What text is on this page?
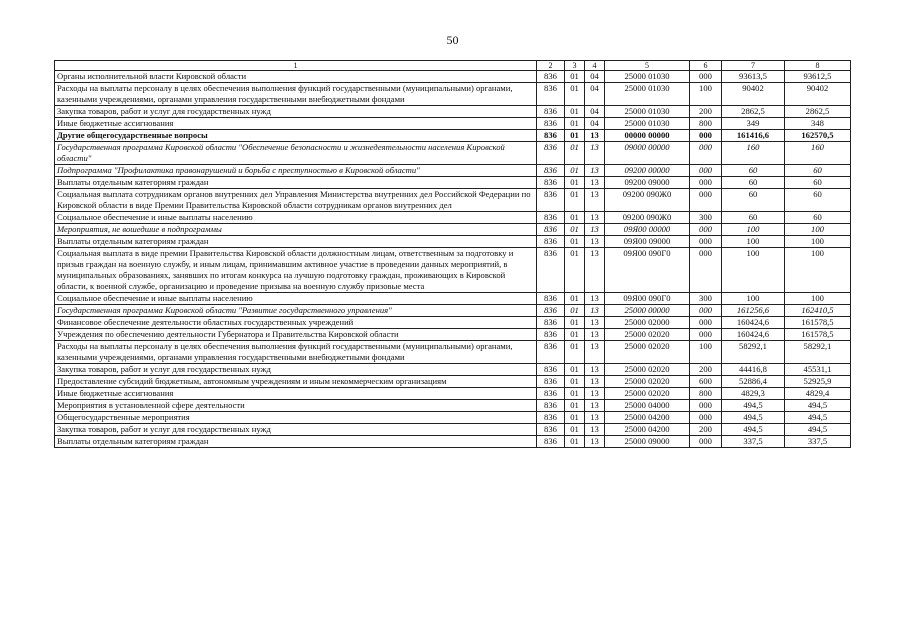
50
1	2	3	4	5	6	7	8
Органы исполнительной власти Кировской области	836	01	04	25000 01030	000	93613,5	93612,5
Расходы на выплаты персоналу в целях обеспечения выполнения функций государственными (муниципальными) органами, казенными учреждениями, органами управления государственными внебюджетными фондами	836	01	04	25000 01030	100	90402	90402
Закупка товаров, работ и услуг для государственных нужд	836	01	04	25000 01030	200	2862,5	2862,5
Иные бюджетные ассигнования	836	01	04	25000 01030	800	349	348
Другие общегосударственные вопросы	836	01	13	00000 00000	000	161416,6	162570,5
Государственная программа Кировской области "Обеспечение безопасности и жизнедеятельности населения Кировской области"	836	01	13	09000 00000	000	160	160
Подпрограмма "Профилактика правонарушений и борьба с преступностью в Кировской области"	836	01	13	09200 00000	000	60	60
Выплаты отдельным категориям граждан	836	01	13	09200 09000	000	60	60
Социальная выплата сотрудникам органов внутренних дел Управления Министерства внутренних дел Российской Федерации по Кировской области в виде Премии Правительства Кировской области сотрудникам органов внутренних дел	836	01	13	09200 090Ж0	000	60	60
Социальное обеспечение и иные выплаты населению	836	01	13	09200 090Ж0	300	60	60
Мероприятия, не вошедшие в подпрограммы	836	01	13	09Я00 00000	000	100	100
Выплаты отдельным категориям граждан	836	01	13	09Я00 09000	000	100	100
Социальная выплата в виде премии Правительства Кировской области должностным лицам, ответственным за подготовку и призыв граждан на военную службу, и иным лицам, принимавшим активное участие в проведении данных мероприятий, в муниципальных образованиях, занявших по итогам конкурса на лучшую подготовку граждан, проживающих в Кировской области, к военной службе, организацию и проведение призыва на военную службу призовые места	836	01	13	09Я00 090Г0	000	100	100
Социальное обеспечение и иные выплаты населению	836	01	13	09Я00 090Г0	300	100	100
Государственная программа Кировской области "Развитие государственного управления"	836	01	13	25000 00000	000	161256,6	162410,5
Финансовое обеспечение деятельности областных государственных учреждений	836	01	13	25000 02000	000	160424,6	161578,5
Учреждения по обеспечению деятельности Губернатора и Правительства Кировской области	836	01	13	25000 02020	000	160424,6	161578,5
Расходы на выплаты персоналу в целях обеспечения выполнения функций государственными (муниципальными) органами, казенными учреждениями, органами управления государственными внебюджетными фондами	836	01	13	25000 02020	100	58292,1	58292,1
Закупка товаров, работ и услуг для государственных нужд	836	01	13	25000 02020	200	44416,8	45531,1
Предоставление субсидий бюджетным, автономным учреждениям и иным некоммерческим организациям	836	01	13	25000 02020	600	52886,4	52925,9
Иные бюджетные ассигнования	836	01	13	25000 02020	800	4829,3	4829,4
Мероприятия в установленной сфере деятельности	836	01	13	25000 04000	000	494,5	494,5
Общегосударственные мероприятия	836	01	13	25000 04200	000	494,5	494,5
Закупка товаров, работ и услуг для государственных нужд	836	01	13	25000 04200	200	494,5	494,5
Выплаты отдельным категориям граждан	836	01	13	25000 09000	000	337,5	337,5
